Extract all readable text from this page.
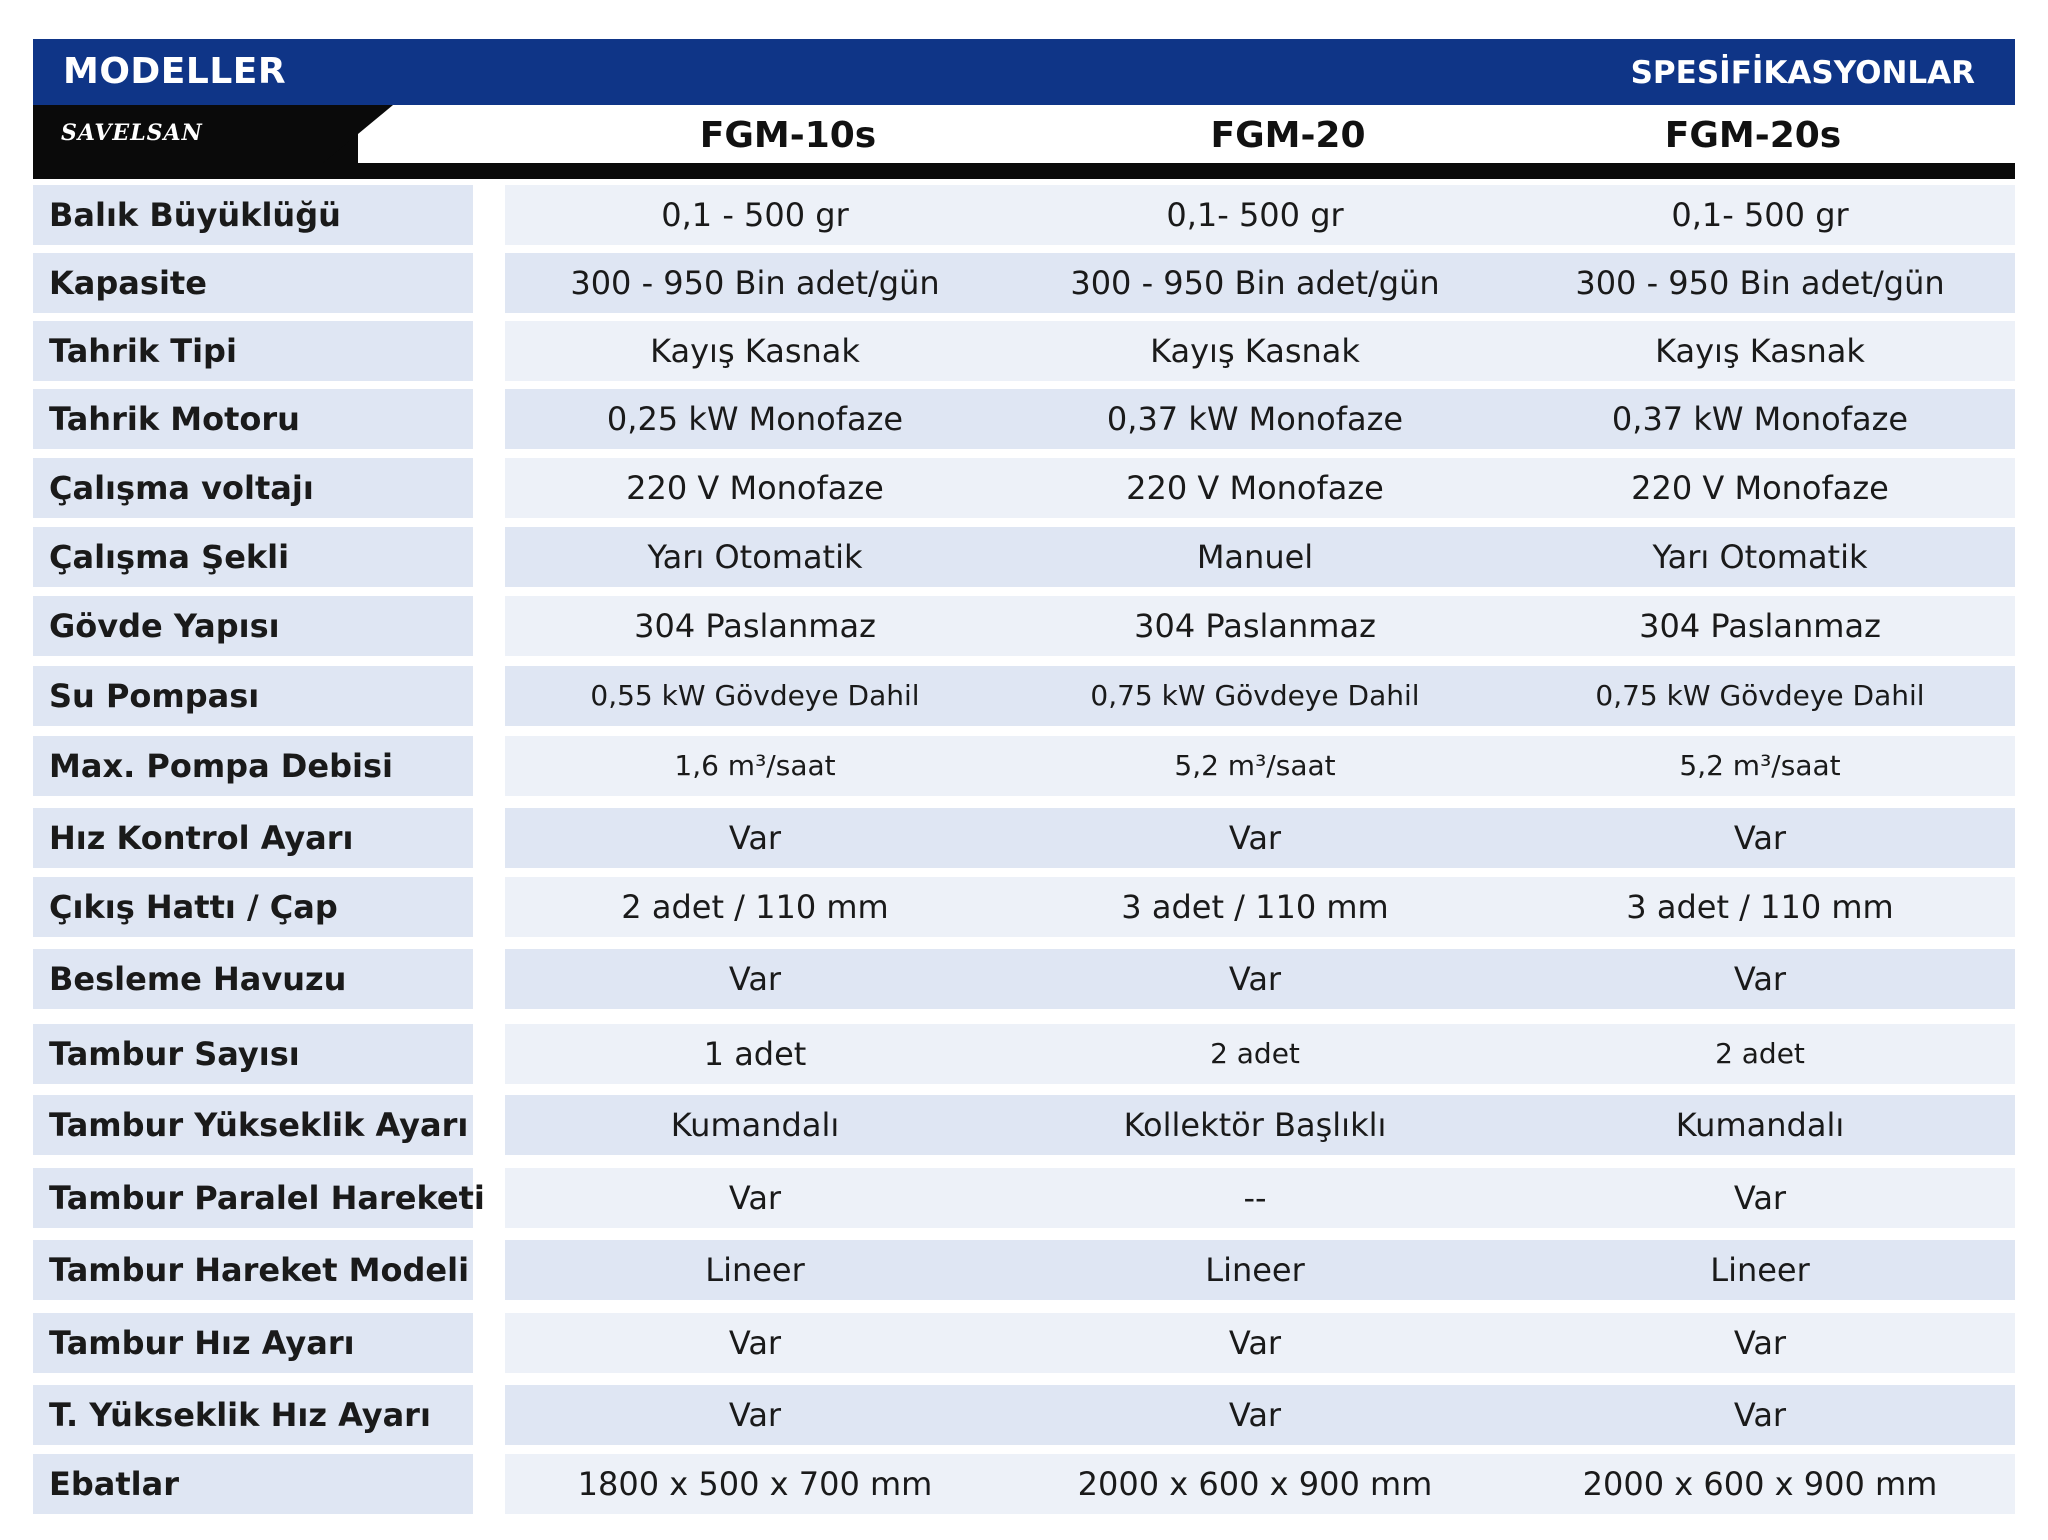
MODELLER	SPESİFİKASYONLAR
SAVELSAN	FGM-10s	FGM-20	FGM-20s
Balık Büyüklüğü	0,1 - 500 gr	0,1- 500 gr	0,1- 500 gr
Kapasite	300 - 950 Bin adet/gün	300 - 950 Bin adet/gün	300 - 950 Bin adet/gün
Tahrik Tipi	Kayış Kasnak	Kayış Kasnak	Kayış Kasnak
Tahrik Motoru	0,25 kW Monofaze	0,37 kW Monofaze	0,37 kW Monofaze
Çalışma voltajı	220 V Monofaze	220 V Monofaze	220 V Monofaze
Çalışma Şekli	Yarı Otomatik	Manuel	Yarı Otomatik
Gövde Yapısı	304 Paslanmaz	304 Paslanmaz	304 Paslanmaz
Su Pompası	0,55 kW Gövdeye Dahil	0,75 kW Gövdeye Dahil	0,75 kW Gövdeye Dahil
Max. Pompa Debisi	1,6 m³/saat	5,2 m³/saat	5,2 m³/saat
Hız Kontrol Ayarı	Var	Var	Var
Çıkış Hattı / Çap	2 adet / 110 mm	3 adet / 110 mm	3 adet / 110 mm
Besleme Havuzu	Var	Var	Var
Tambur Sayısı	1 adet	2 adet	2 adet
Tambur Yükseklik Ayarı	Kumandalı	Kollektör Başlıklı	Kumandalı
Tambur Paralel Hareketi	Var	--	Var
Tambur Hareket Modeli	Lineer	Lineer	Lineer
Tambur Hız Ayarı	Var	Var	Var
T. Yükseklik Hız Ayarı	Var	Var	Var
Ebatlar	1800 x 500 x 700 mm	2000 x 600 x 900 mm	2000 x 600 x 900 mm
